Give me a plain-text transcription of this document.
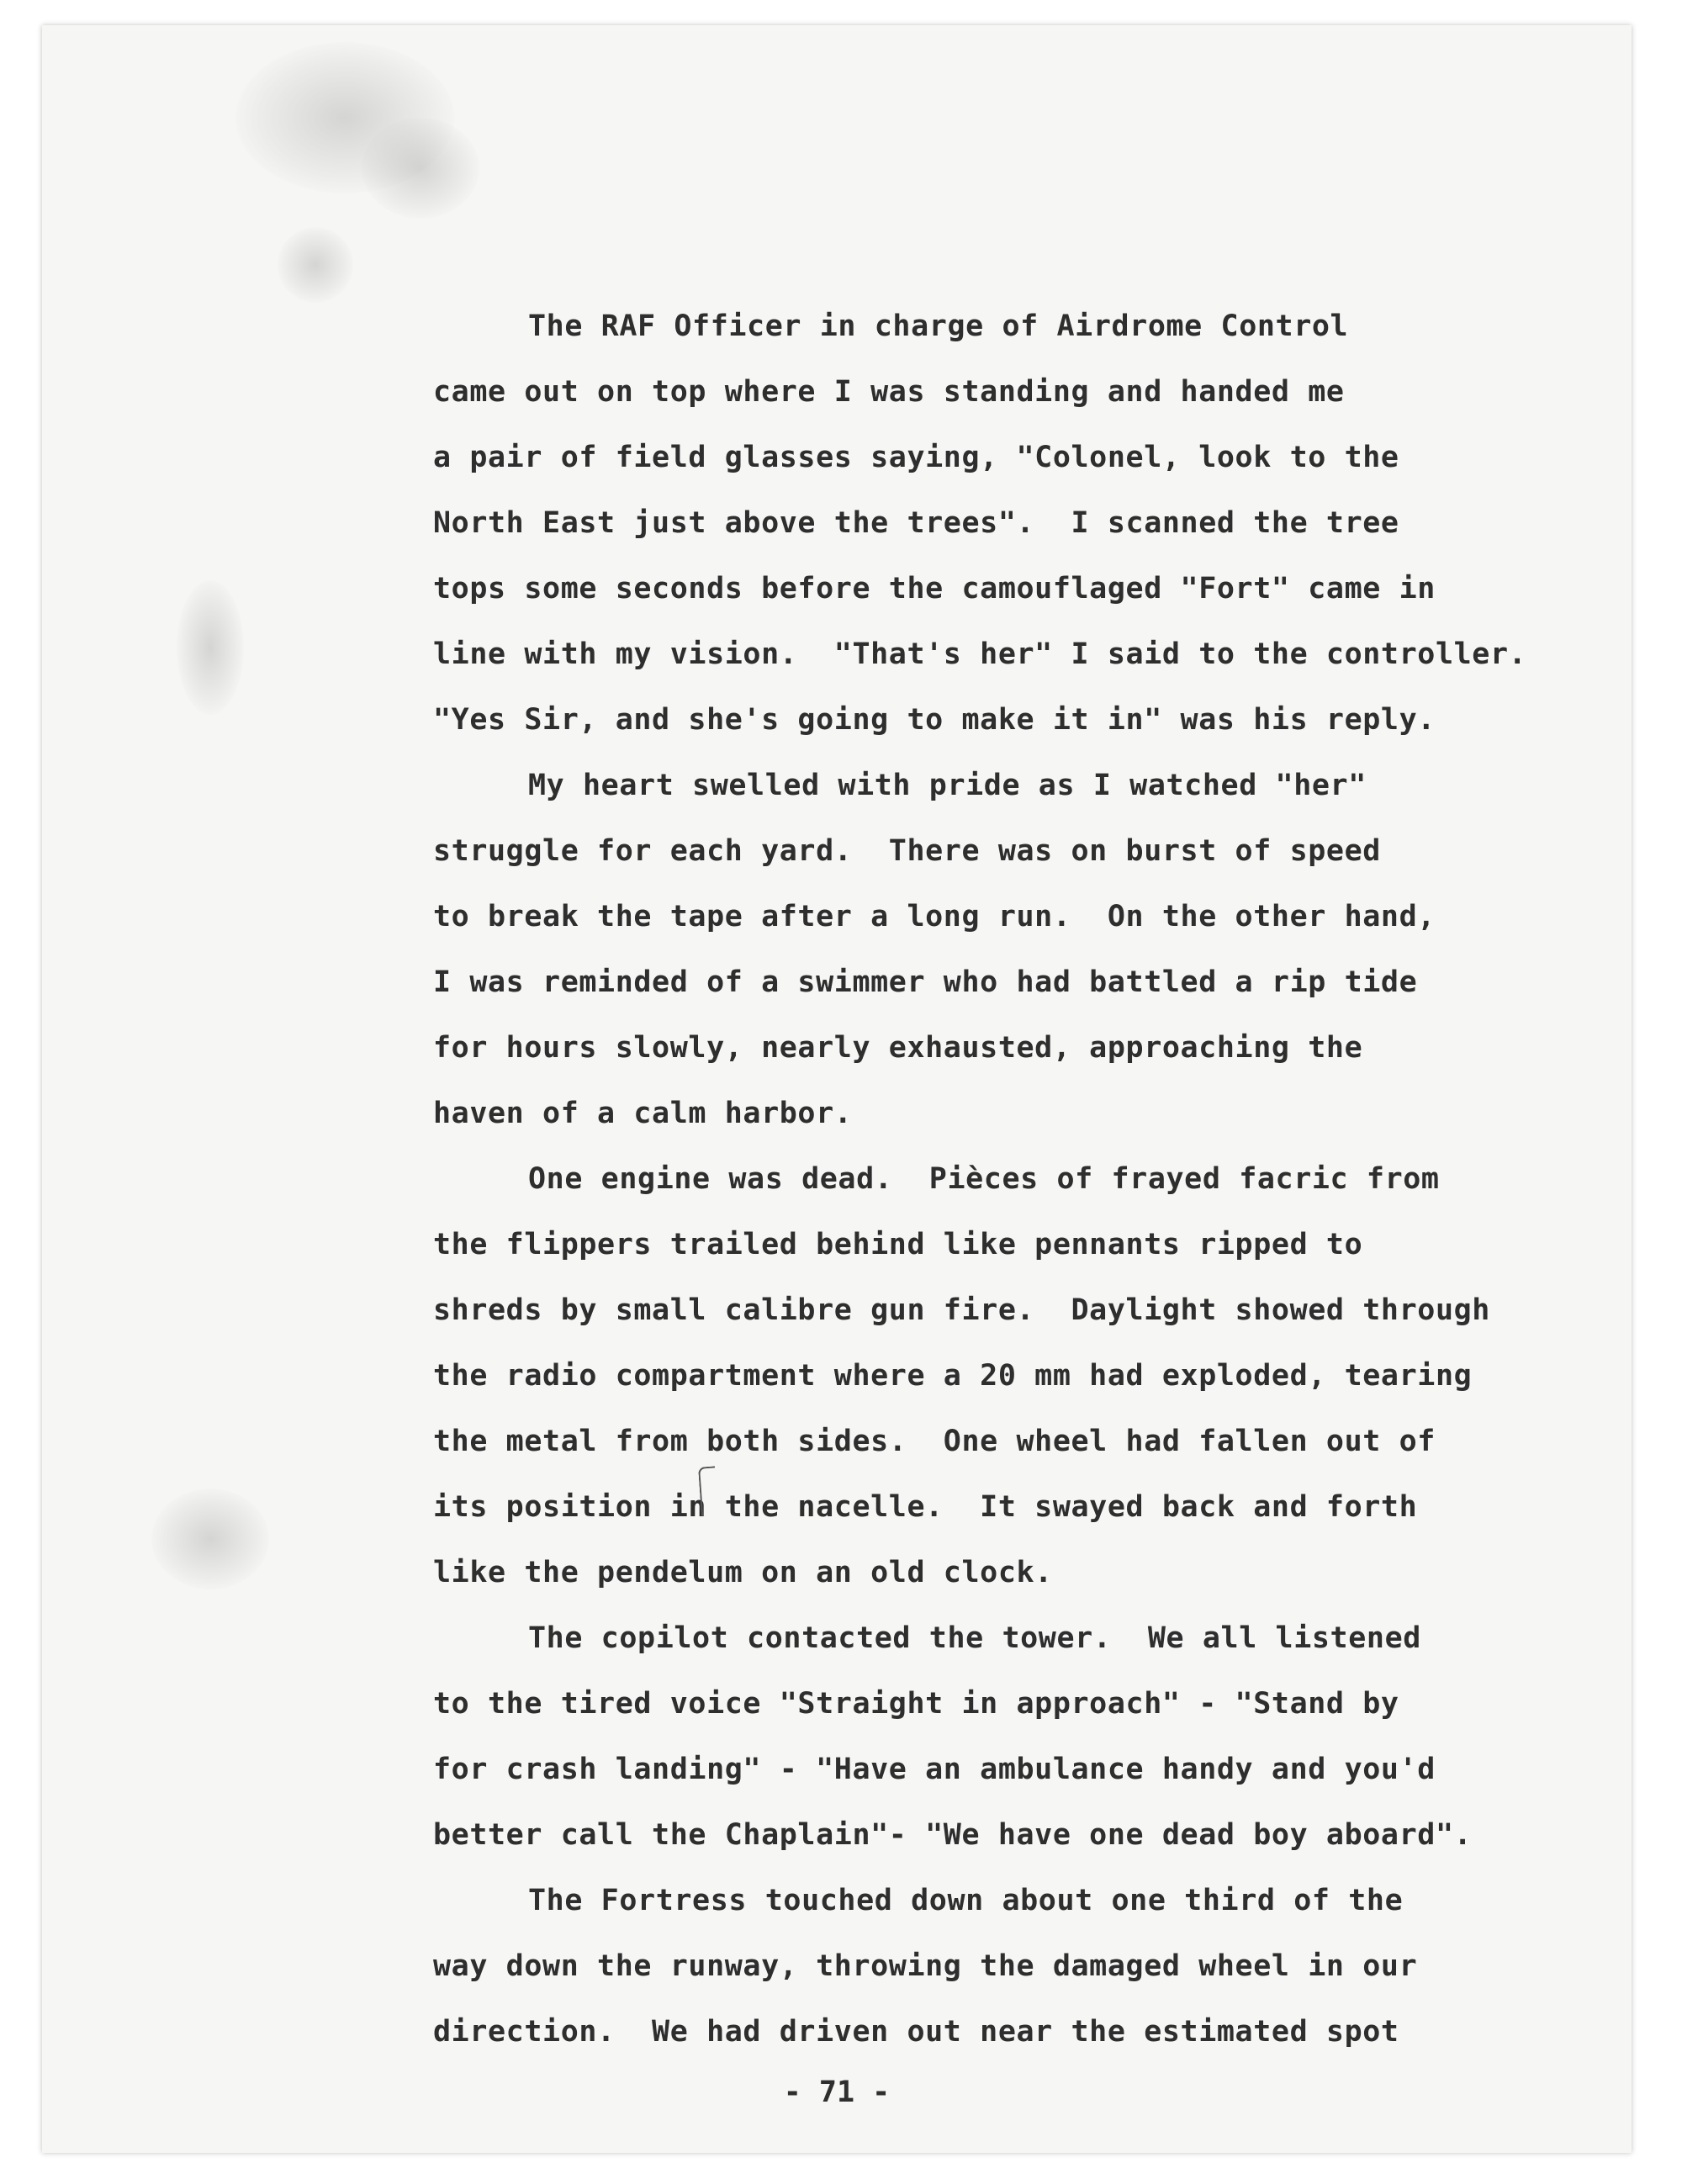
The RAF Officer in charge of Airdrome Control

came out on top where I was standing and handed me

a pair of field glasses saying, "Colonel, look to the

North East just above the trees".  I scanned the tree

tops some seconds before the camouflaged "Fort" came in

line with my vision.  "That's her" I said to the controller.

"Yes Sir, and she's going to make it in" was his reply.

My heart swelled with pride as I watched "her"

struggle for each yard.  There was on burst of speed

to break the tape after a long run.  On the other hand,

I was reminded of a swimmer who had battled a rip tide

for hours slowly, nearly exhausted, approaching the

haven of a calm harbor.

One engine was dead.  Pièces of frayed facric from

the flippers trailed behind like pennants ripped to

shreds by small calibre gun fire.  Daylight showed through

the radio compartment where a 20 mm had exploded, tearing

the metal from both sides.  One wheel had fallen out of

its position in the nacelle.  It swayed back and forth

like the pendelum on an old clock.

The copilot contacted the tower.  We all listened

to the tired voice "Straight in approach" - "Stand by

for crash landing" - "Have an ambulance handy and you'd

better call the Chaplain"- "We have one dead boy aboard".

The Fortress touched down about one third of the

way down the runway, throwing the damaged wheel in our

direction.  We had driven out near the estimated spot

- 71 -
